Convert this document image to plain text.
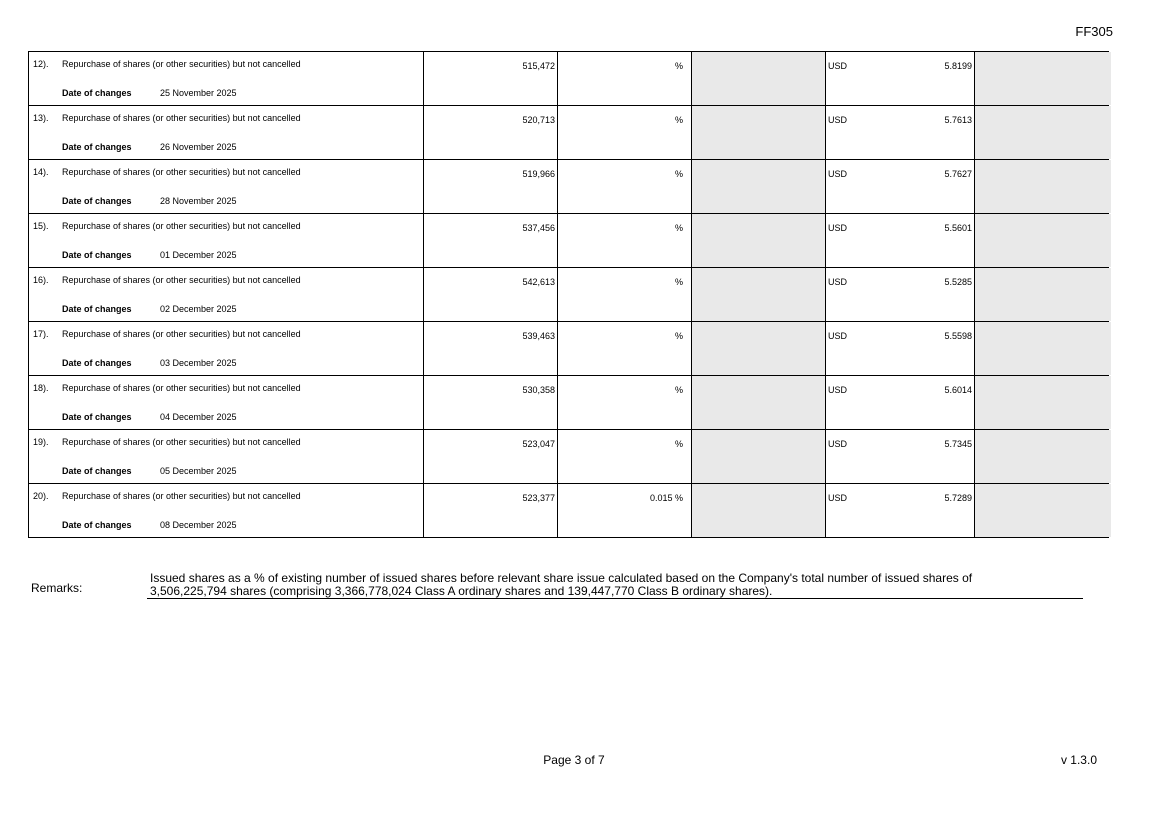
FF305
12). Repurchase of shares (or other securities) but not cancelled
Date of changes	25 November 2025
515,472	%	USD	5.8199
13). Repurchase of shares (or other securities) but not cancelled
Date of changes	26 November 2025
520,713	%	USD	5.7613
14). Repurchase of shares (or other securities) but not cancelled
Date of changes	28 November 2025
519,966	%	USD	5.7627
15). Repurchase of shares (or other securities) but not cancelled
Date of changes	01 December 2025
537,456	%	USD	5.5601
16). Repurchase of shares (or other securities) but not cancelled
Date of changes	02 December 2025
542,613	%	USD	5.5285
17). Repurchase of shares (or other securities) but not cancelled
Date of changes	03 December 2025
539,463	%	USD	5.5598
18). Repurchase of shares (or other securities) but not cancelled
Date of changes	04 December 2025
530,358	%	USD	5.6014
19). Repurchase of shares (or other securities) but not cancelled
Date of changes	05 December 2025
523,047	%	USD	5.7345
20). Repurchase of shares (or other securities) but not cancelled
Date of changes	08 December 2025
523,377	0.015 %	USD	5.7289
Remarks:
Issued shares as a % of existing number of issued shares before relevant share issue calculated based on the Company's total number of issued shares of
3,506,225,794 shares (comprising 3,366,778,024 Class A ordinary shares and 139,447,770 Class B ordinary shares).
Page 3 of 7	v 1.3.0
